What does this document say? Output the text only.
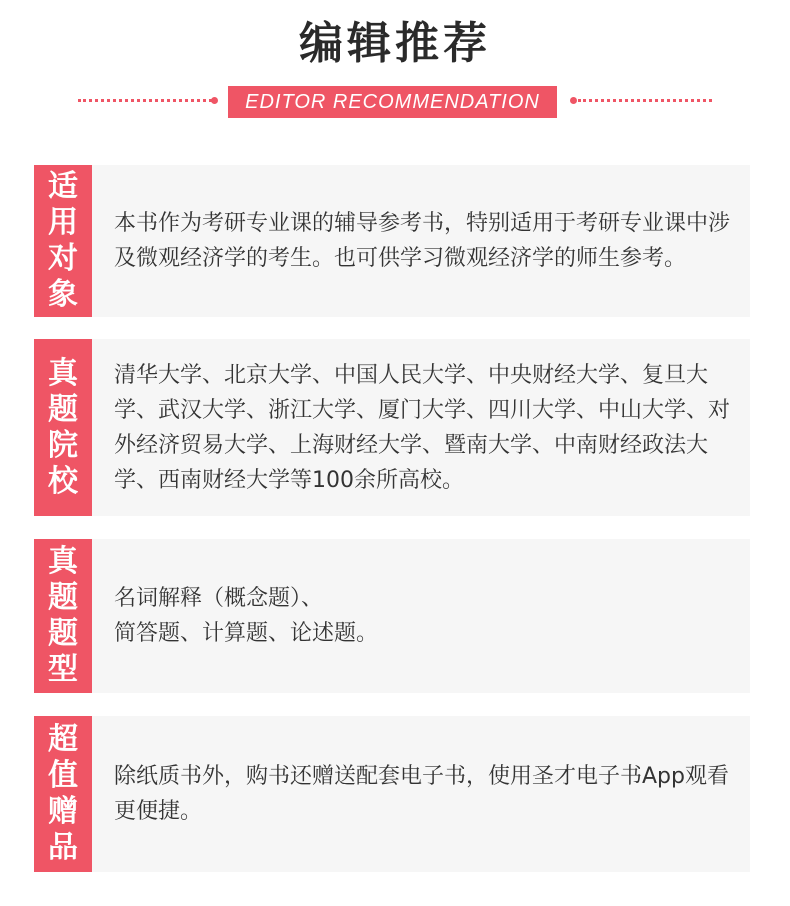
编辑推荐
EDITOR RECOMMENDATION
适
用
对
象

本书作为考研专业课的辅导参考书，特别适用于考研专业课中涉及微观经济学的考生。也可供学习微观经济学的师生参考。

真
题
院
校

清华大学、北京大学、中国人民大学、中央财经大学、复旦大学、武汉大学、浙江大学、厦门大学、四川大学、中山大学、对外经济贸易大学、上海财经大学、暨南大学、中南财经政法大学、西南财经大学等100余所高校。

真
题
题
型

名词解释（概念题）、
简答题、计算题、论述题。

超
值
赠
品

除纸质书外，购书还赠送配套电子书，使用圣才电子书App观看更便捷。
